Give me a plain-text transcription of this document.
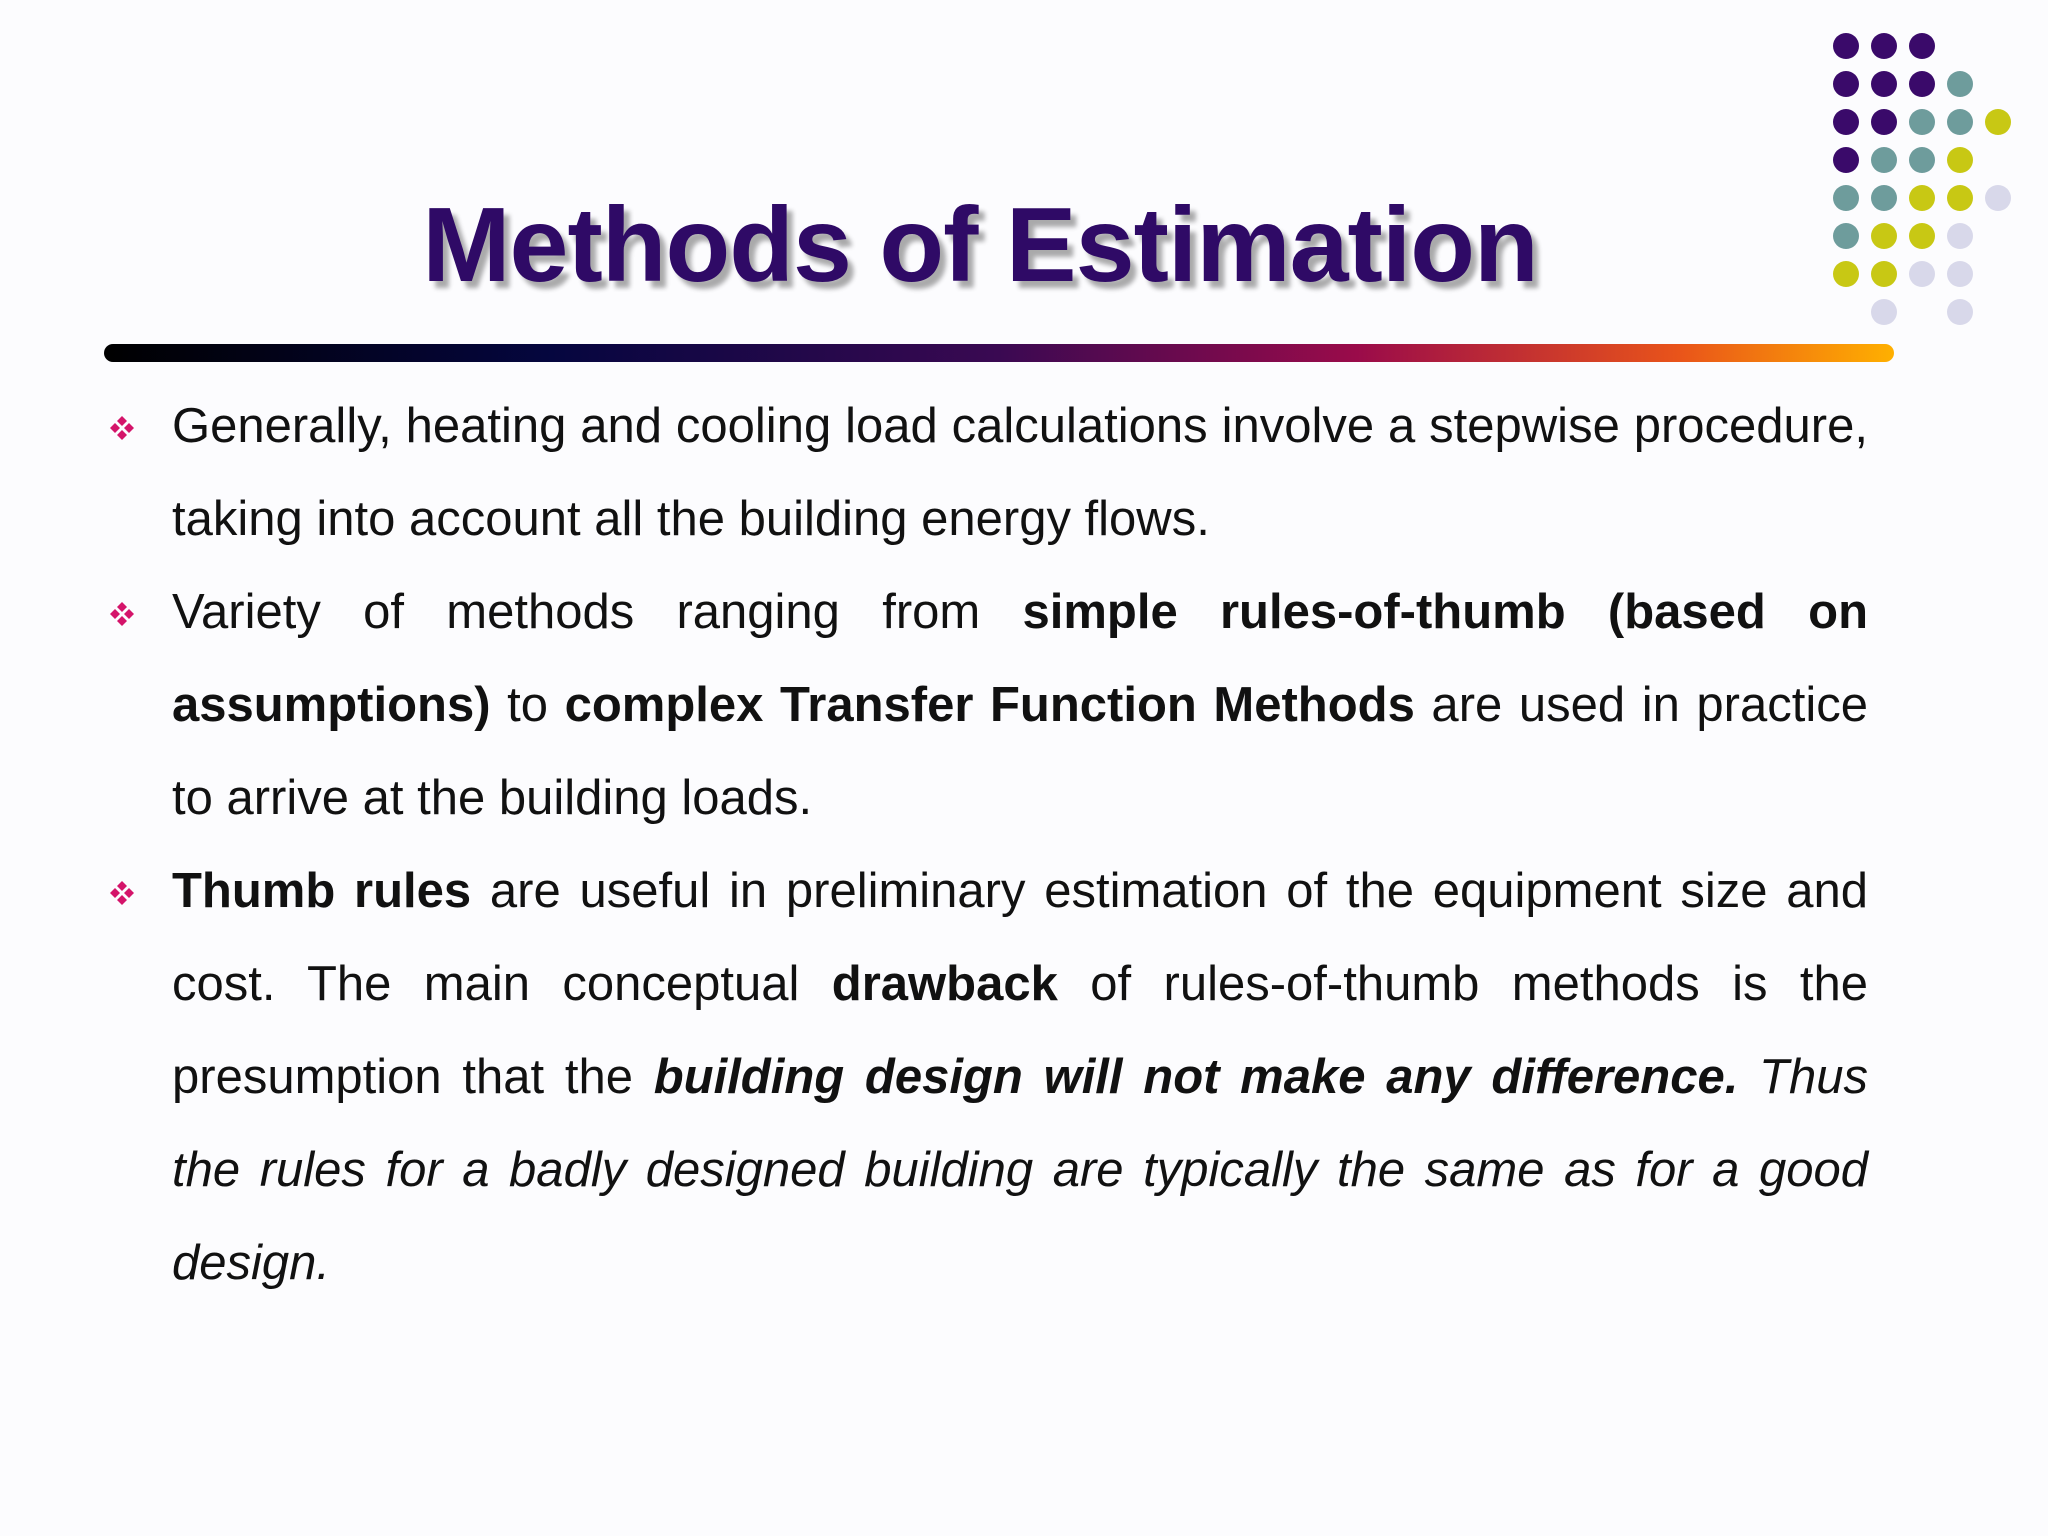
Methods of Estimation
Generally, heating and cooling load calculations involve a stepwise procedure, taking into account all the building energy flows.
Variety of methods ranging from simple rules-of-thumb (based on assumptions) to complex Transfer Function Methods are used in practice to arrive at the building loads.
Thumb rules are useful in preliminary estimation of the equipment size and cost. The main conceptual drawback of rules-of-thumb methods is the presumption that the building design will not make any difference. Thus the rules for a badly designed building are typically the same as for a good design.
